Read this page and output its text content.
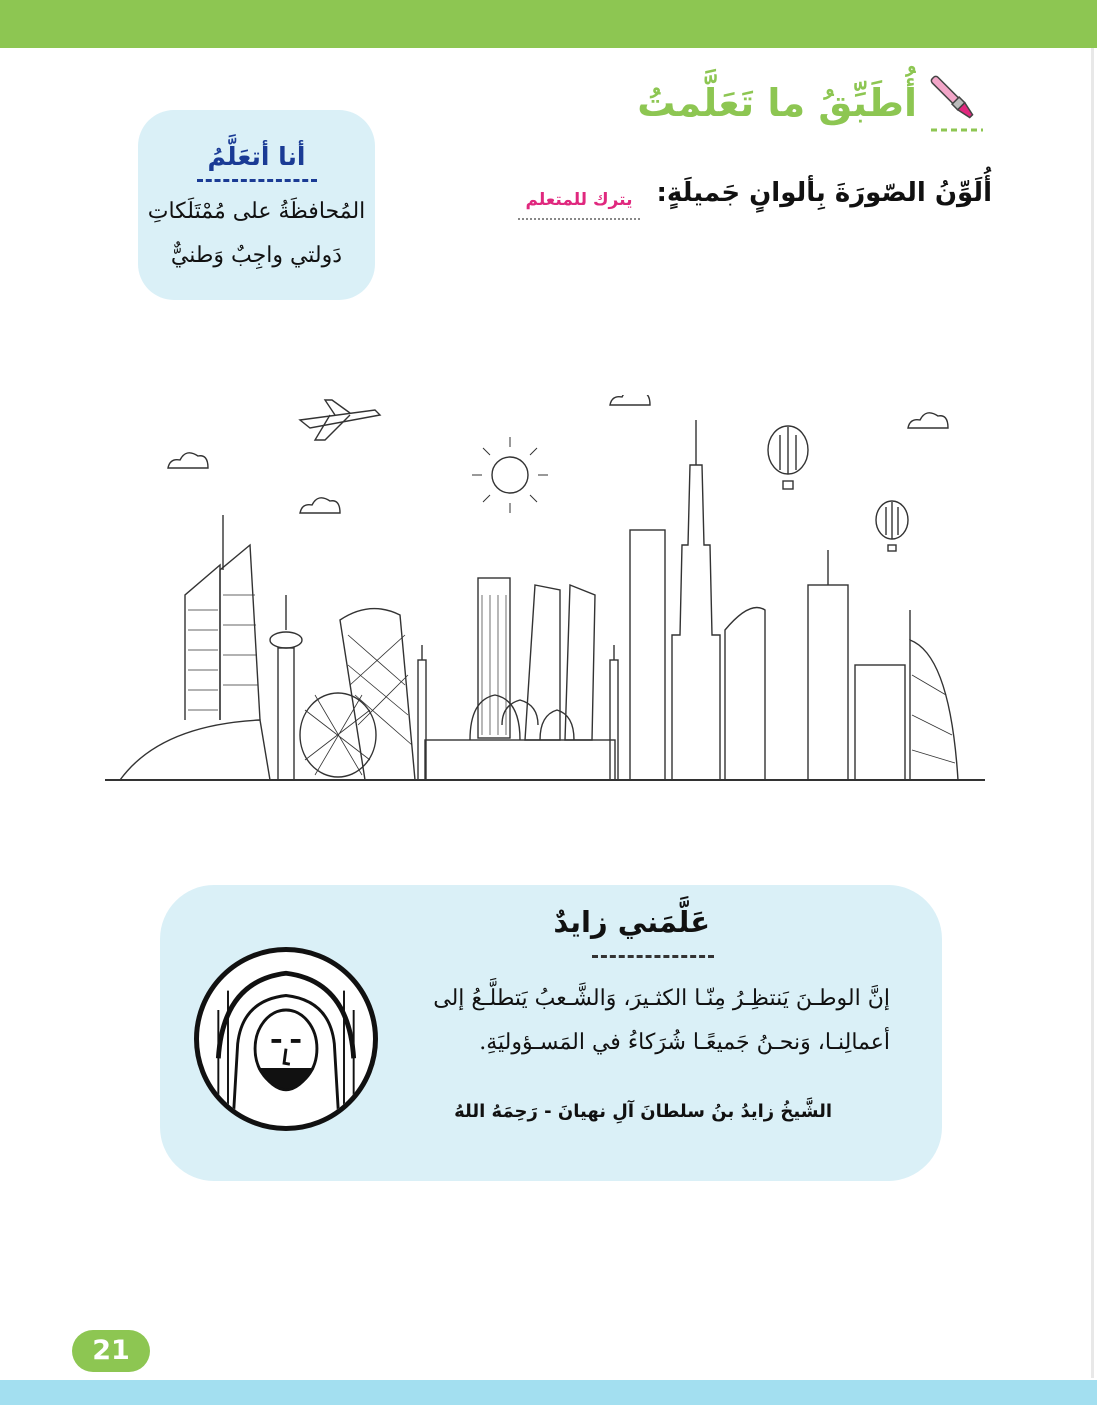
أُطَبِّقُ ما تَعَلَّمتُ
أُلَوِّنُ الصّورَةَ بِألوانٍ جَميلَةٍ:
يترك للمتعلم
أنا أتعَلَّمُ
المُحافظَةُ على مُمْتَلَكاتِ
دَولتي واجِبٌ وَطنيٌّ
عَلَّمَني زايدٌ
إنَّ الوطـنَ يَنتظِـرُ مِنّـا الكثـيرَ، وَالشَّـعبُ يَتطلَّـعُ إلى
أعمالِنـا، وَنحـنُ جَميعًـا شُرَكاءُ في المَسـؤوليَةِ.
الشَّيخُ زايدُ بنُ سلطانَ آلِ نهيانَ - رَحِمَهُ اللهُ
21
